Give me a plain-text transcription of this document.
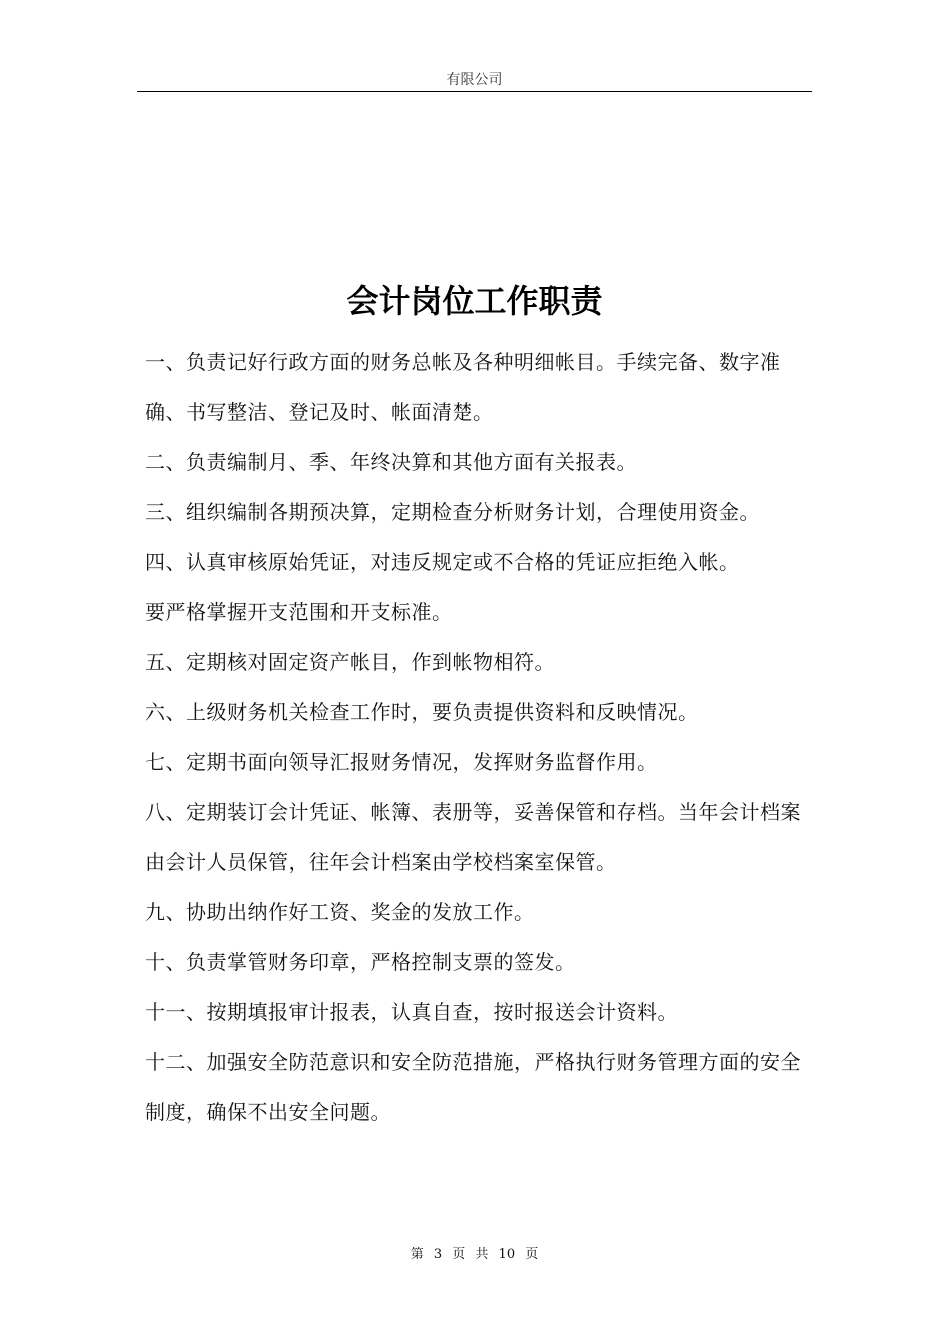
有限公司
会计岗位工作职责

一、负责记好行政方面的财务总帐及各种明细帐目。手续完备、数字准确、书写整洁、登记及时、帐面清楚。

二、负责编制月、季、年终决算和其他方面有关报表。

三、组织编制各期预决算，定期检查分析财务计划，合理使用资金。

四、认真审核原始凭证，对违反规定或不合格的凭证应拒绝入帐。

要严格掌握开支范围和开支标准。

五、定期核对固定资产帐目，作到帐物相符。

六、上级财务机关检查工作时，要负责提供资料和反映情况。

七、定期书面向领导汇报财务情况，发挥财务监督作用。

八、定期装订会计凭证、帐簿、表册等，妥善保管和存档。当年会计档案由会计人员保管，往年会计档案由学校档案室保管。

九、协助出纳作好工资、奖金的发放工作。

十、负责掌管财务印章，严格控制支票的签发。

十一、按期填报审计报表，认真自查，按时报送会计资料。

十二、加强安全防范意识和安全防范措施，严格执行财务管理方面的安全制度，确保不出安全问题。

第 3 页 共 10 页
